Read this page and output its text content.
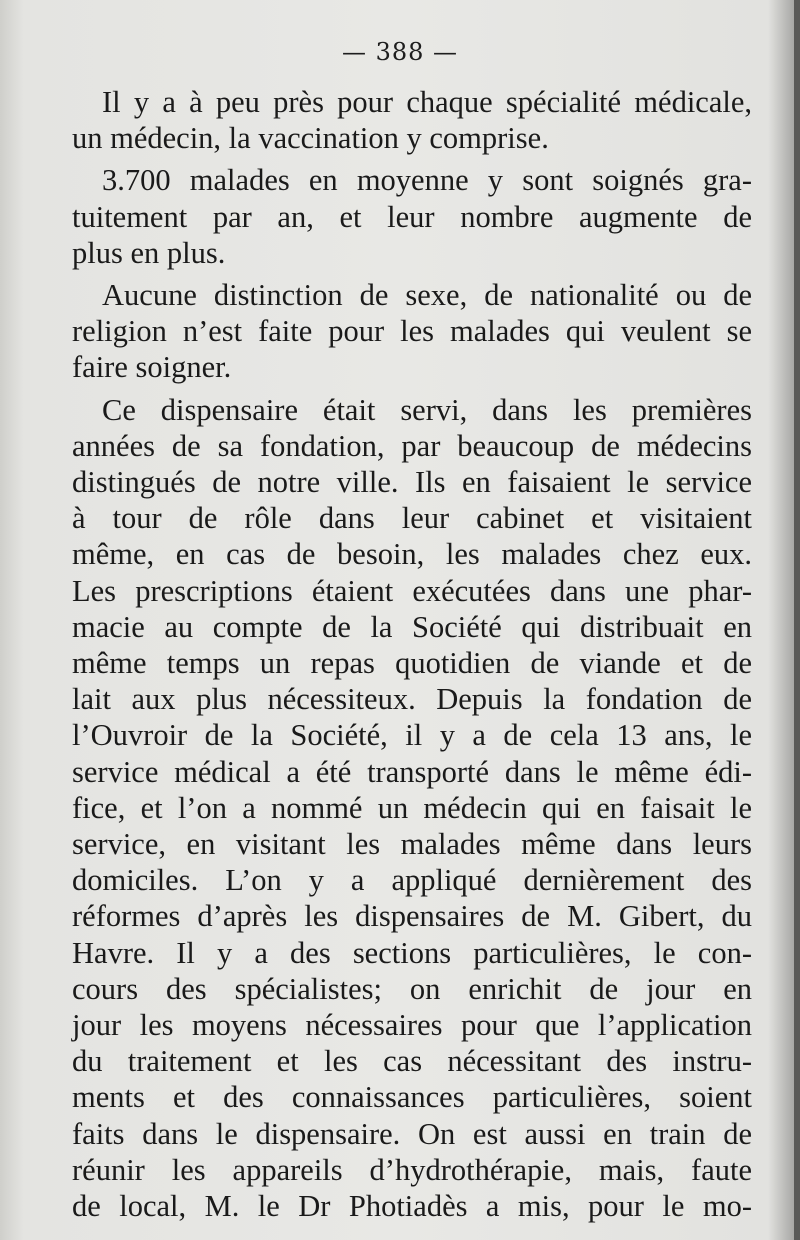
— 388 —
Il y a à peu près pour chaque spécialité médicale,
un médecin, la vaccination y comprise.
3.700 malades en moyenne y sont soignés gra-
tuitement par an, et leur nombre augmente de
plus en plus.
Aucune distinction de sexe, de nationalité ou de
religion n’est faite pour les malades qui veulent se
faire soigner.
Ce dispensaire était servi, dans les premières
années de sa fondation, par beaucoup de médecins
distingués de notre ville. Ils en faisaient le service
à tour de rôle dans leur cabinet et visitaient
même, en cas de besoin, les malades chez eux.
Les prescriptions étaient exécutées dans une phar-
macie au compte de la Société qui distribuait en
même temps un repas quotidien de viande et de
lait aux plus nécessiteux. Depuis la fondation de
l’Ouvroir de la Société, il y a de cela 13 ans, le
service médical a été transporté dans le même édi-
fice, et l’on a nommé un médecin qui en faisait le
service, en visitant les malades même dans leurs
domiciles. L’on y a appliqué dernièrement des
réformes d’après les dispensaires de M. Gibert, du
Havre. Il y a des sections particulières, le con-
cours des spécialistes; on enrichit de jour en
jour les moyens nécessaires pour que l’application
du traitement et les cas nécessitant des instru-
ments et des connaissances particulières, soient
faits dans le dispensaire. On est aussi en train de
réunir les appareils d’hydrothérapie, mais, faute
de local, M. le Dr Photiadès a mis, pour le mo-
